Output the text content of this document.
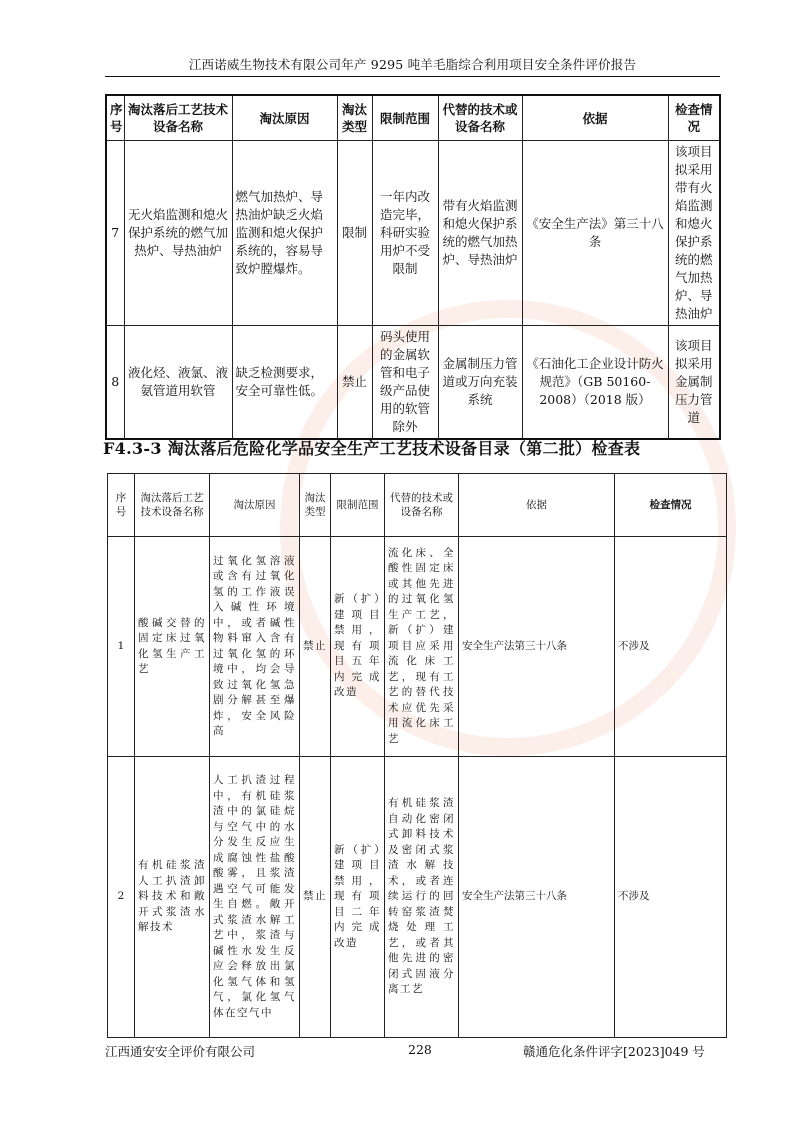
江西诺威生物技术有限公司年产 9295 吨羊毛脂综合利用项目安全条件评价报告
序号	淘汰落后工艺技术设备名称	淘汰原因	淘汰类型	限制范围	代替的技术或设备名称	依据	检查情况
7	无火焰监测和熄火保护系统的燃气加热炉、导热油炉	燃气加热炉、导热油炉缺乏火焰监测和熄火保护系统的，容易导致炉膛爆炸。	限制	一年内改造完毕，科研实验用炉不受限制	带有火焰监测和熄火保护系统的燃气加热炉、导热油炉	《安全生产法》第三十八条	该项目拟采用带有火焰监测和熄火保护系统的燃气加热炉、导热油炉
8	液化烃、液氯、液氨管道用软管	缺乏检测要求，安全可靠性低。	禁止	码头使用的金属软管和电子级产品使用的软管除外	金属制压力管道或万向充装系统	《石油化工企业设计防火规范》（GB 50160-2008）（2018 版）	该项目拟采用金属制压力管道
F4.3-3 淘汰落后危险化学品安全生产工艺技术设备目录（第二批）检查表
序号	淘汰落后工艺技术设备名称	淘汰原因	淘汰类型	限制范围	代替的技术或设备名称	依据	检查情况
1	酸碱交替的固定床过氧化氢生产工艺	过氧化氢溶液或含有过氧化氢的工作液误入碱性环境中，或者碱性物料窜入含有过氧化氢的环境中，均会导致过氧化氢急剧分解甚至爆炸，安全风险高	禁止	新（扩）建项目禁用，现有项目五年内完成改造	流化床、全酸性固定床或其他先进的过氧化氢生产工艺，新（扩）建项目应采用流化床工艺，现有工艺的替代技术应优先采用流化床工艺	安全生产法第三十八条	不涉及
2	有机硅浆渣人工扒渣卸料技术和敞开式浆渣水解技术	人工扒渣过程中，有机硅浆渣中的氯硅烷与空气中的水分发生反应生成腐蚀性盐酸酸雾，且浆渣遇空气可能发生自燃。敞开式浆渣水解工艺中，浆渣与碱性水发生反应会释放出氯化氢气体和氢气，氯化氢气体在空气中	禁止	新（扩）建项目禁用，现有项目二年内完成改造	有机硅浆渣自动化密闭式卸料技术及密闭式浆渣水解技术，或者连续运行的回转窑浆渣焚烧处理工艺，或者其他先进的密闭式固液分离工艺	安全生产法第三十八条	不涉及
江西通安安全评价有限公司	228	赣通危化条件评字[2023]049 号
